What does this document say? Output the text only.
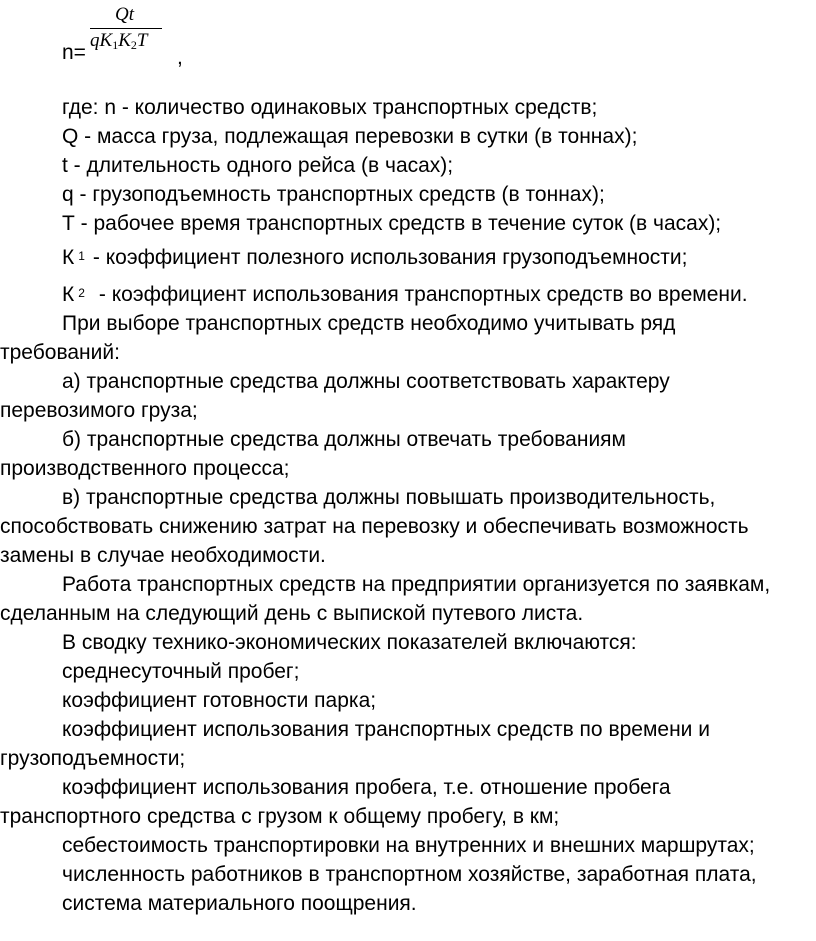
n=
Qt
$qK_1K_2T$
,
где: n - количество одинаковых транспортных средств;
Q - масса груза, подлежащая перевозки в сутки (в тоннах);
t - длительность одного рейса (в часах);
q - грузоподъемность транспортных средств (в тоннах);
Т - рабочее время транспортных средств в течение суток (в часах);
К 1 - коэффициент полезного использования грузоподъемности;
К 2 - коэффициент использования транспортных средств во времени.
При выборе транспортных средств необходимо учитывать ряд
требований:
а) транспортные средства должны соответствовать характеру
перевозимого груза;
б) транспортные средства должны отвечать требованиям
производственного процесса;
в) транспортные средства должны повышать производительность,
способствовать снижению затрат на перевозку и обеспечивать возможность
замены в случае необходимости.
Работа транспортных средств на предприятии организуется по заявкам,
сделанным на следующий день с выпиской путевого листа.
В сводку технико-экономических показателей включаются:
среднесуточный пробег;
коэффициент готовности парка;
коэффициент использования транспортных средств по времени и
грузоподъемности;
коэффициент использования пробега, т.е. отношение пробега
транспортного средства с грузом к общему пробегу, в км;
себестоимость транспортировки на внутренних и внешних маршрутах;
численность работников в транспортном хозяйстве, заработная плата,
система материального поощрения.
